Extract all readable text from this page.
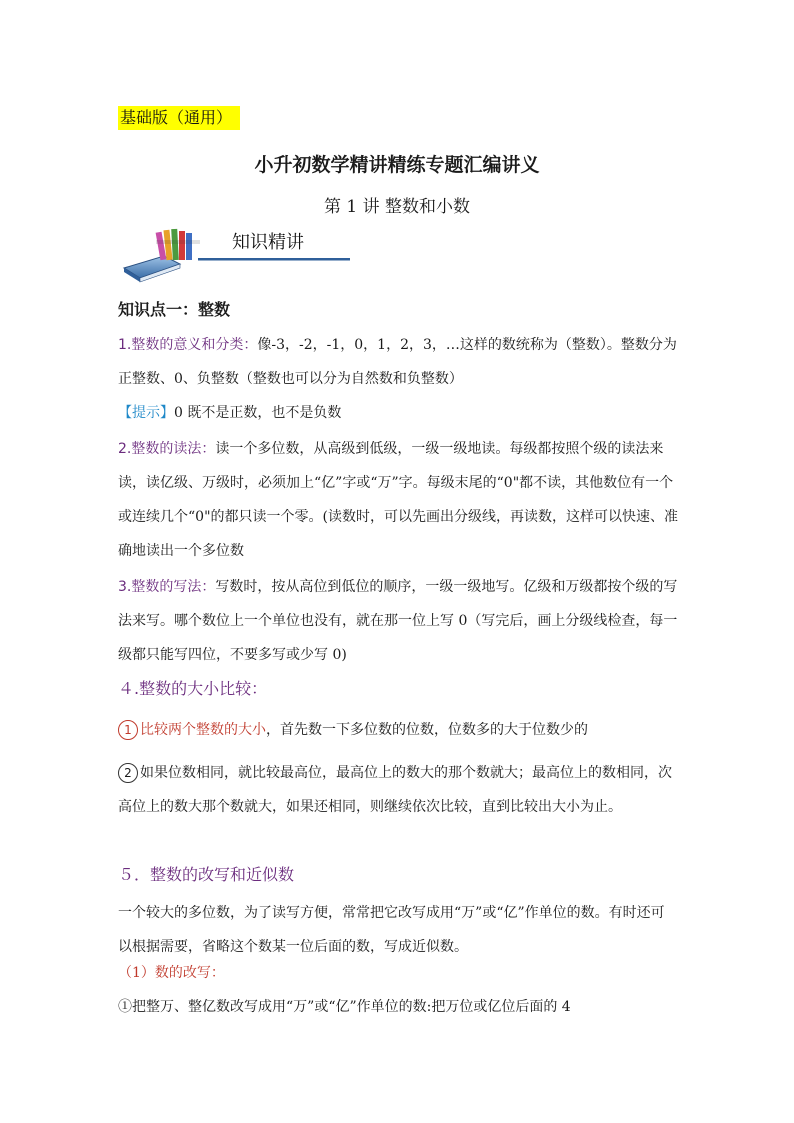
基础版（通用）
小升初数学精讲精练专题汇编讲义
第 1 讲 整数和小数
知识精讲
知识点一：整数
1.整数的意义和分类：像-3，-2，-1，0，1，2，3，…这样的数统称为（整数）。整数分为正整数、0、负整数（整数也可以分为自然数和负整数）
【提示】0 既不是正数，也不是负数
2.整数的读法：读一个多位数，从高级到低级，一级一级地读。每级都按照个级的读法来读，读亿级、万级时，必须加上“亿”字或“万”字。每级末尾的“0"都不读，其他数位有一个或连续几个“0"的都只读一个零。(读数时，可以先画出分级线，再读数，这样可以快速、准确地读出一个多位数
3.整数的写法：写数时，按从高位到低位的顺序，一级一级地写。亿级和万级都按个级的写法来写。哪个数位上一个单位也没有，就在那一位上写 0（写完后，画上分级线检查，每一级都只能写四位，不要多写或少写 0)
４.整数的大小比较：
1 比较两个整数的大小，首先数一下多位数的位数，位数多的大于位数少的
2 如果位数相同，就比较最高位，最高位上的数大的那个数就大；最高位上的数相同，次高位上的数大那个数就大，如果还相同，则继续依次比较，直到比较出大小为止。
５．整数的改写和近似数
一个较大的多位数，为了读写方便，常常把它改写成用“万”或“亿”作单位的数。有时还可以根据需要，省略这个数某一位后面的数，写成近似数。
（1）数的改写：
①把整万、整亿数改写成用“万”或“亿”作单位的数:把万位或亿位后面的 4
